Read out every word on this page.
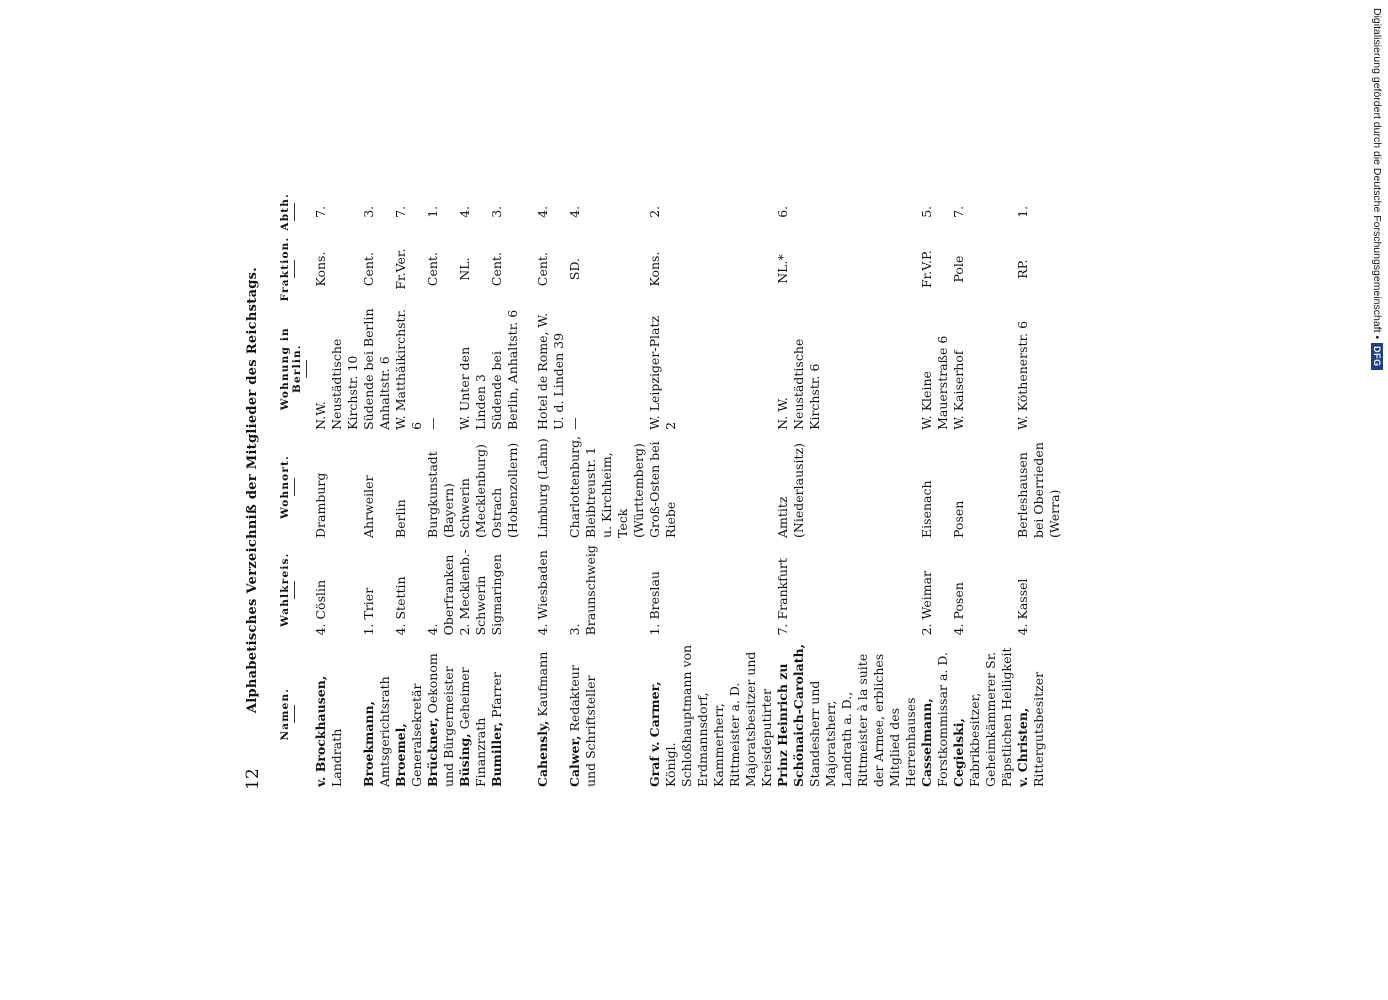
12
Alphabetisches Verzeichniß der Mitglieder des Reichstags.
Namen.	Wahlkreis.	Wohnort.	Wohnung in Berlin.	Fraktion.	Abth.

v. Brockhausen, Landrath	4. Cöslin	Dramburg	N.W. Neustädtische Kirchstr. 10	Kons.	7.
Broekmann, Amtsgerichtsrath	1. Trier	Ahrweiler	Südende bei Berlin Anhaltstr. 6	Cent.	3.
Broemel, Generalsekretär	4. Stettin	Berlin	W. Matthäikirchstr. 6	Fr.Ver.	7.
Brückner, Oekonom und Bürgermeister	4. Oberfranken	Burgkunstadt (Bayern)	—	Cent.	1.
Büsing, Geheimer Finanzrath	2. Mecklenb.-Schwerin	Schwerin (Mecklenburg)	W. Unter den Linden 3	NL.	4.
Bumiller, Pfarrer	Sigmaringen	Ostrach (Hohenzollern)	Südende bei Berlin, Anhaltstr. 6	Cent.	3.
Cahensly, Kaufmann	4. Wiesbaden	Limburg (Lahn)	Hotel de Rome, W. U. d. Linden 39	Cent.	4.
Calwer, Redakteur und Schriftsteller	3. Braunschweig	Charlottenburg, Bleibtreustr. 1 u. Kirchheim, Teck (Württemberg)	—	SD.	4.
Graf v. Carmer, Königl. Schloßhauptmann von Erdmannsdorf, Kammerherr, Rittmeister a. D. Majoratsbesitzer und Kreisdeputirter	1. Breslau	Groß-Osten bei Riebe	W. Leipziger-Platz 2	Kons.	2.
Prinz Heinrich zu Schönaich-Carolath, Standesherr und Majoratsherr, Landrath a. D., Rittmeister à la suite der Armee, erbliches Mitglied des Herrenhauses	7. Frankfurt	Amtitz (Niederlausitz)	N. W. Neustädtische Kirchstr. 6	NL.*	6.
Casselmann, Forstkommissar a. D.	2. Weimar	Eisenach	W. Kleine Mauerstraße 6	Fr.V.P.	5.
Cegielski, Fabrikbesitzer, Geheimkämmerer Sr. Päpstlichen Heiligkeit	4. Posen	Posen	W. Kaiserhof	Pole	7.
v. Christen, Rittergutsbesitzer	4. Kassel	Berleshausen bei Oberrieden (Werra)	W. Köthenerstr. 6	RP.	1.	Digitalisierung gefördert durch die Deutsche Forschungsgemeinschaft •
DFG
